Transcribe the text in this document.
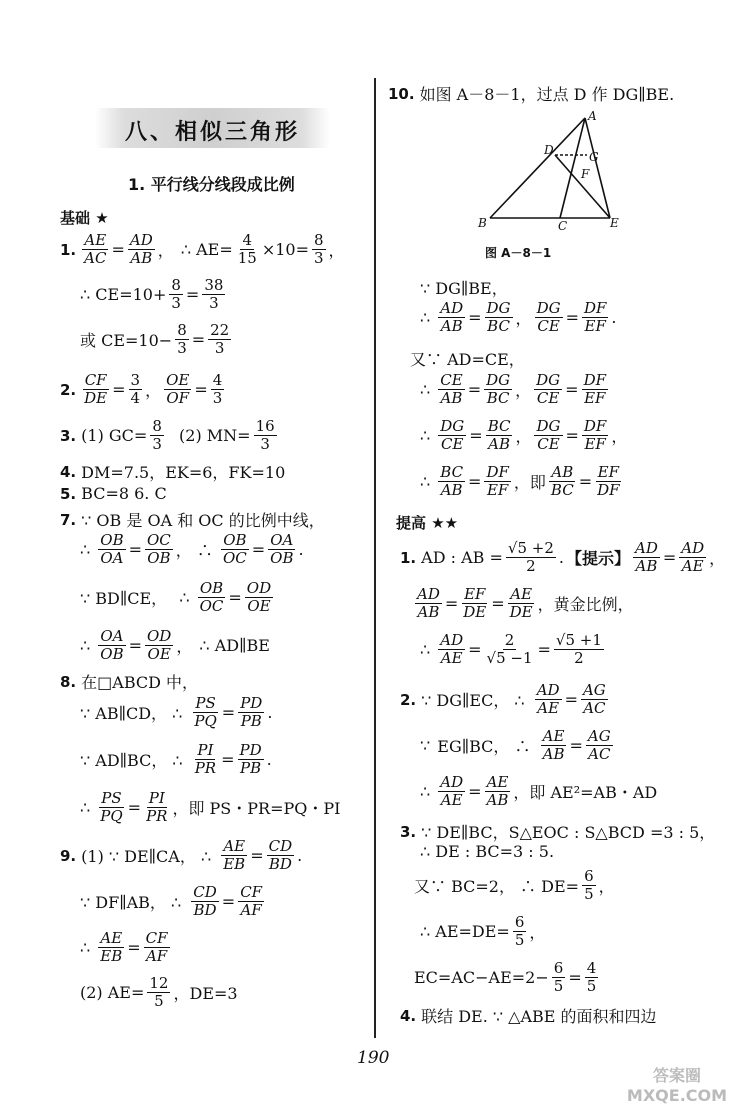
八、相似三角形
1. 平行线分线段成比例
基础 ★
1. $\frac{AE}{AC} = \frac{AD}{AB}$ ， ∴ $AE= \frac{4}{15} \times 10= \frac{8}{3}$ ，
∴ $CE=10+ \frac{8}{3} = \frac{38}{3}$
或 $CE=10- \frac{8}{3} = \frac{22}{3}$
2. $\frac{CF}{DE} = \frac{3}{4}$ ， $\frac{OE}{OF} = \frac{4}{3}$
3. (1) $GC= \frac{8}{3}$
(2) $MN= \frac{16}{3}$
4. DM=7.5，EK=6，FK=10
5. BC=8 6. C
7. ∵ OB 是 OA 和 OC 的比例中线，
∴ $\frac{OB}{OA} = \frac{OC}{OB}$ ， ∴ $\frac{OB}{OC} = \frac{OA}{OB}$ .
∵ BD∥CE， ∴ $\frac{OB}{OC} = \frac{OD}{OE}$
∴ $\frac{OA}{OB} = \frac{OD}{OE}$ ， ∴ AD∥BE
8. 在□ABCD 中，
∵ AB∥CD， ∴
$\frac{PS}{PQ} = \frac{PD}{PB}$ .
∵ AD∥BC， ∴
$\frac{PI}{PR} = \frac{PD}{PB}$ .
∴ $\frac{PS}{PQ} = \frac{PI}{PR}$ ，即 PS・PR=PQ・PI
9. (1) ∵ DE∥CA， ∴
$\frac{AE}{EB} = \frac{CD}{BD}$ .
∵ DF∥AB， ∴
$\frac{CD}{BD} = \frac{CF}{AF}$
∴ $\frac{AE}{EB} = \frac{CF}{AF}$
(2) $AE= \frac{12}{5}$ ，DE=3
10. 如图 A－8－1，过点 D 作 DG∥BE.
A
D	G
F
B	C	E
图 A－8－1
∵ DG∥BE，
∴ $\frac{AD}{AB} = \frac{DG}{BC}$ ， $\frac{DG}{CE} = \frac{DF}{EF}$ .
又∵ AD=CE，
∴ $\frac{CE}{AB} = \frac{DG}{BC}$ ， $\frac{DG}{CE} = \frac{DF}{EF}$
∴ $\frac{DG}{CE} = \frac{BC}{AB}$ ， $\frac{DG}{CE} = \frac{DF}{EF}$ ，
∴ $\frac{BC}{AB} = \frac{DF}{EF}$ ，即 $\frac{AB}{BC} = \frac{EF}{DF}$
提高 ★★
1. AD : AB = $\frac{√5 +2}{2}$ . 【提示】 $\frac{AD}{AB} = \frac{AD}{AE}$ ，
$\frac{AD}{AB} = \frac{EF}{DE} = \frac{AE}{DE}$ ，黄金比例，
∴ $\frac{AD}{AE} = \frac{2}{√5 -1} = \frac{√5 +1}{2}$
2. ∵ DG∥EC， ∴
$\frac{AD}{AE} = \frac{AG}{AC}$
∵ EG∥BC， ∴
$\frac{AE}{AB} = \frac{AG}{AC}$
∴ $\frac{AD}{AE} = \frac{AE}{AB}$ ，即 AE²=AB・AD
3. ∵ DE∥BC，S△EOC : S△BCD =3 : 5，
∴ DE : BC=3 : 5.
又∵ BC=2， ∴ $DE= \frac{6}{5}$ ，
∴ $AE=DE= \frac{6}{5}$ ，
$EC=AC-AE=2- \frac{6}{5} = \frac{4}{5}$
4. 联结 DE. ∵ △ABE 的面积和四边
190
答案圈 MXQE.COM
